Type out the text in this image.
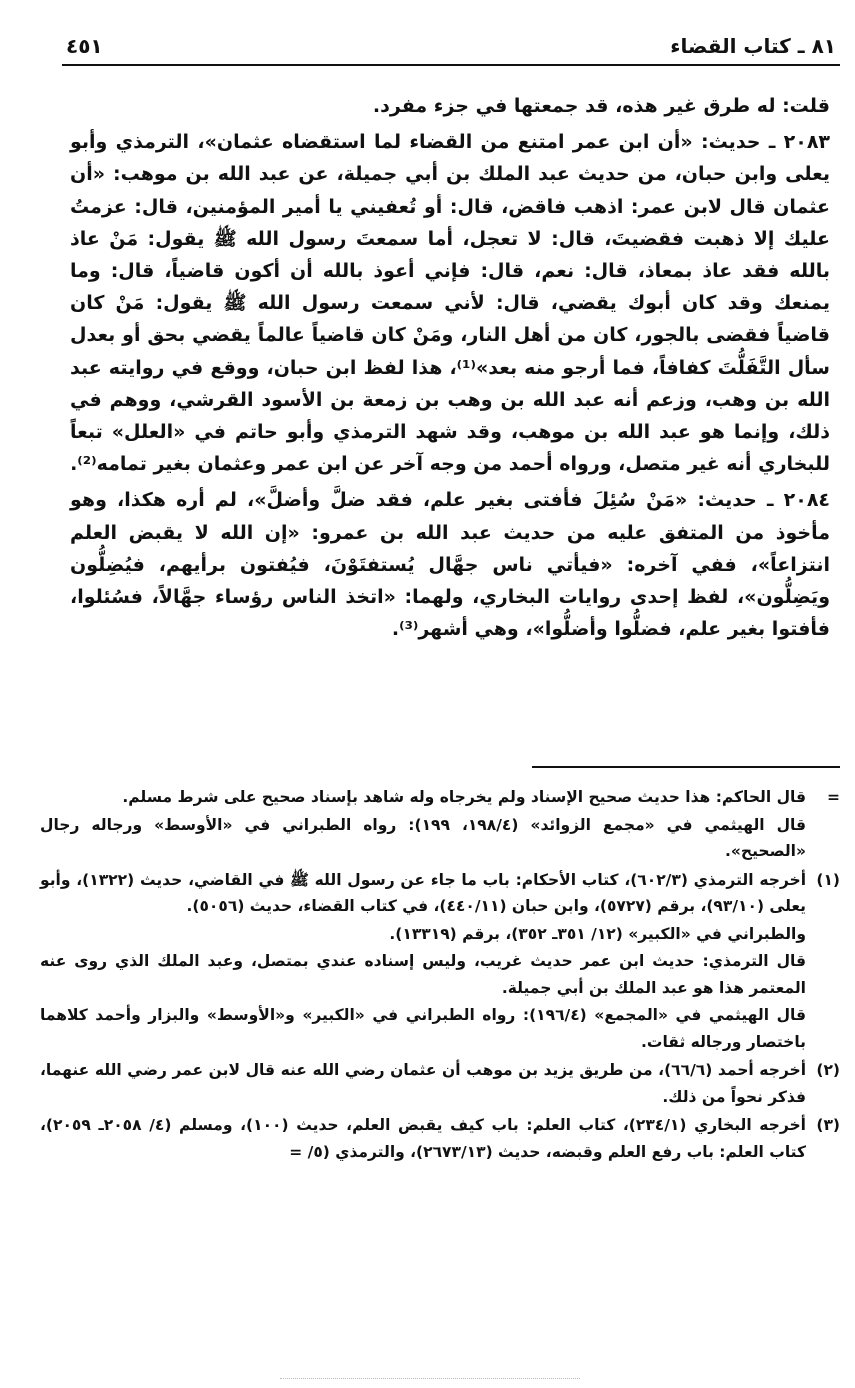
٨١ ـ كتاب القضاء
٤٥١

قلت: له طرق غير هذه، قد جمعتها في جزء مفرد.

٢٠٨٣ ـ حديث: «أن ابن عمر امتنع من القضاء لما استقضاه عثمان»، الترمذي وأبو يعلى وابن حبان، من حديث عبد الملك بن أبي جميلة، عن عبد الله بن موهب: «أن عثمان قال لابن عمر: اذهب فاقض، قال: أو تُعفيني يا أمير المؤمنين، قال: عزمتُ عليك إلا ذهبت فقضيتَ، قال: لا تعجل، أما سمعتَ رسول الله ﷺ يقول: مَنْ عاذ بالله فقد عاذ بمعاذ، قال: نعم، قال: فإني أعوذ بالله أن أكون قاضياً، قال: وما يمنعك وقد كان أبوك يقضي، قال: لأني سمعت رسول الله ﷺ يقول: مَنْ كان قاضياً فقضى بالجور، كان من أهل النار، ومَنْ كان قاضياً عالماً يقضي بحق أو بعدل سأل التَّفَلُّتَ كفافاً، فما أرجو منه بعد»⁽¹⁾، هذا لفظ ابن حبان، ووقع في روايته عبد الله بن وهب، وزعم أنه عبد الله بن وهب بن زمعة بن الأسود القرشي، ووهم في ذلك، وإنما هو عبد الله بن موهب، وقد شهد الترمذي وأبو حاتم في «العلل» تبعاً للبخاري أنه غير متصل، ورواه أحمد من وجه آخر عن ابن عمر وعثمان بغير تمامه⁽²⁾.

٢٠٨٤ ـ حديث: «مَنْ سُئِلَ فأفتى بغير علم، فقد ضلَّ وأضلَّ»، لم أره هكذا، وهو مأخوذ من المتفق عليه من حديث عبد الله بن عمرو: «إن الله لا يقبض العلم انتزاعاً»، ففي آخره: «فيأتي ناس جهَّال يُستفتَوْنَ، فيُفتون برأيهم، فيُضِلُّون ويَضِلُّون»، لفظ إحدى روايات البخاري، ولهما: «اتخذ الناس رؤساء جهَّالاً، فسُئلوا، فأفتوا بغير علم، فضلُّوا وأضلُّوا»، وهي أشهر⁽³⁾.

=
قال الحاكم: هذا حديث صحيح الإسناد ولم يخرجاه وله شاهد بإسناد صحيح على شرط مسلم.
قال الهيثمي في «مجمع الزوائد» (١٩٨/٤، ١٩٩): رواه الطبراني في «الأوسط» ورجاله رجال «الصحيح».
(١)
أخرجه الترمذي (٦٠٢/٣)، كتاب الأحكام: باب ما جاء عن رسول الله ﷺ في القاضي، حديث (١٣٢٢)، وأبو يعلى (٩٣/١٠)، برقم (٥٧٢٧)، وابن حبان (٤٤٠/١١)، في كتاب القضاء، حديث (٥٠٥٦).
والطبراني في «الكبير» (١٢/ ٣٥١ـ ٣٥٢)، برقم (١٣٣١٩).
قال الترمذي: حديث ابن عمر حديث غريب، وليس إسناده عندي بمتصل، وعبد الملك الذي روى عنه المعتمر هذا هو عبد الملك بن أبي جميلة.
قال الهيثمي في «المجمع» (١٩٦/٤): رواه الطبراني في «الكبير» و«الأوسط» والبزار وأحمد كلاهما باختصار ورجاله ثقات.
(٢)
أخرجه أحمد (٦٦/٦)، من طريق يزيد بن موهب أن عثمان رضي الله عنه قال لابن عمر رضي الله عنهما، فذكر نحواً من ذلك.
(٣)
أخرجه البخاري (٢٣٤/١)، كتاب العلم: باب كيف يقبض العلم، حديث (١٠٠)، ومسلم (٤/ ٢٠٥٨ـ ٢٠٥٩)، كتاب العلم: باب رفع العلم وقبضه، حديث (٢٦٧٣/١٣)، والترمذي (٥/ =
